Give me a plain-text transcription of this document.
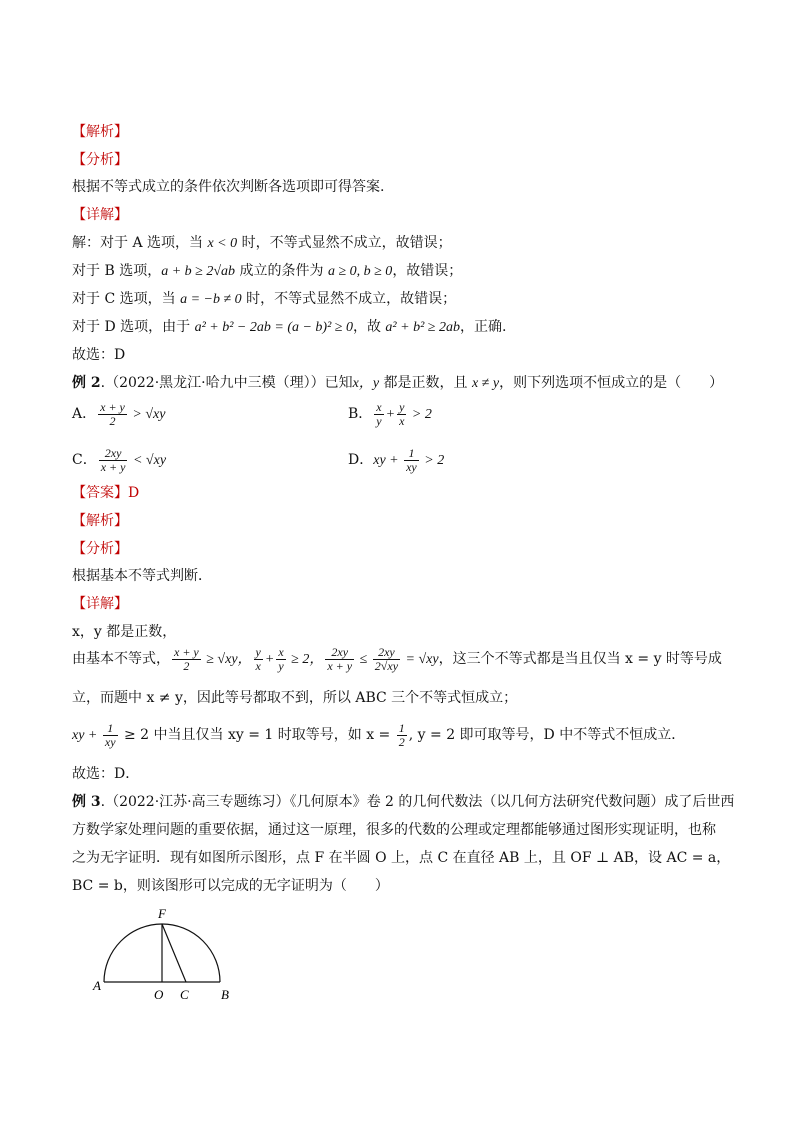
【解析】
【分析】
根据不等式成立的条件依次判断各选项即可得答案.
【详解】
解：对于 A 选项，当 x < 0 时，不等式显然不成立，故错误；
对于 B 选项，a + b ≥ 2√ab 成立的条件为 a ≥ 0, b ≥ 0，故错误；
对于 C 选项，当 a = −b ≠ 0 时，不等式显然不成立，故错误；
对于 D 选项，由于 a² + b² − 2ab = (a − b)² ≥ 0，故 a² + b² ≥ 2ab，正确.
故选：D
例 2.（2022·黑龙江·哈九中三模（理））已知x，y 都是正数，且 x ≠ y，则下列选项不恒成立的是（　　）
A． $\frac{x + y}{2} > √xy$	B． $\frac{x}{y} + \frac{y}{x} > 2$
C． $\frac{2xy}{x + y} < √xy$	D．xy + $\frac{1}{xy} > 2$
【答案】D
【解析】
【分析】
根据基本不等式判断．
【详解】
x，y 都是正数，
由基本不等式， $\frac{x + y}{2} \ge √xy$， $\frac{y}{x} + \frac{x}{y} \ge 2$， $\frac{2xy}{x + y} \le \frac{2xy}{2√xy} = √xy$，这三个不等式都是当且仅当 x = y 时等号成
立，而题中 x ≠ y，因此等号都取不到，所以 ABC 三个不等式恒成立；
xy + $\frac{1}{xy} \ge 2$ 中当且仅当 xy = 1 时取等号，如 $x = \frac{1}{2}$ , y = 2 即可取等号，D 中不等式不恒成立．
故选：D．
例 3.（2022·江苏·高三专题练习）《几何原本》卷 2 的几何代数法（以几何方法研究代数问题）成了后世西
方数学家处理问题的重要依据，通过这一原理，很多的代数的公理或定理都能够通过图形实现证明，也称
之为无字证明．现有如图所示图形，点 F 在半圆 O 上，点 C 在直径 AB 上，且 OF ⊥ AB，设 AC = a，
BC = b，则该图形可以完成的无字证明为（　　）
A
O C B
F
